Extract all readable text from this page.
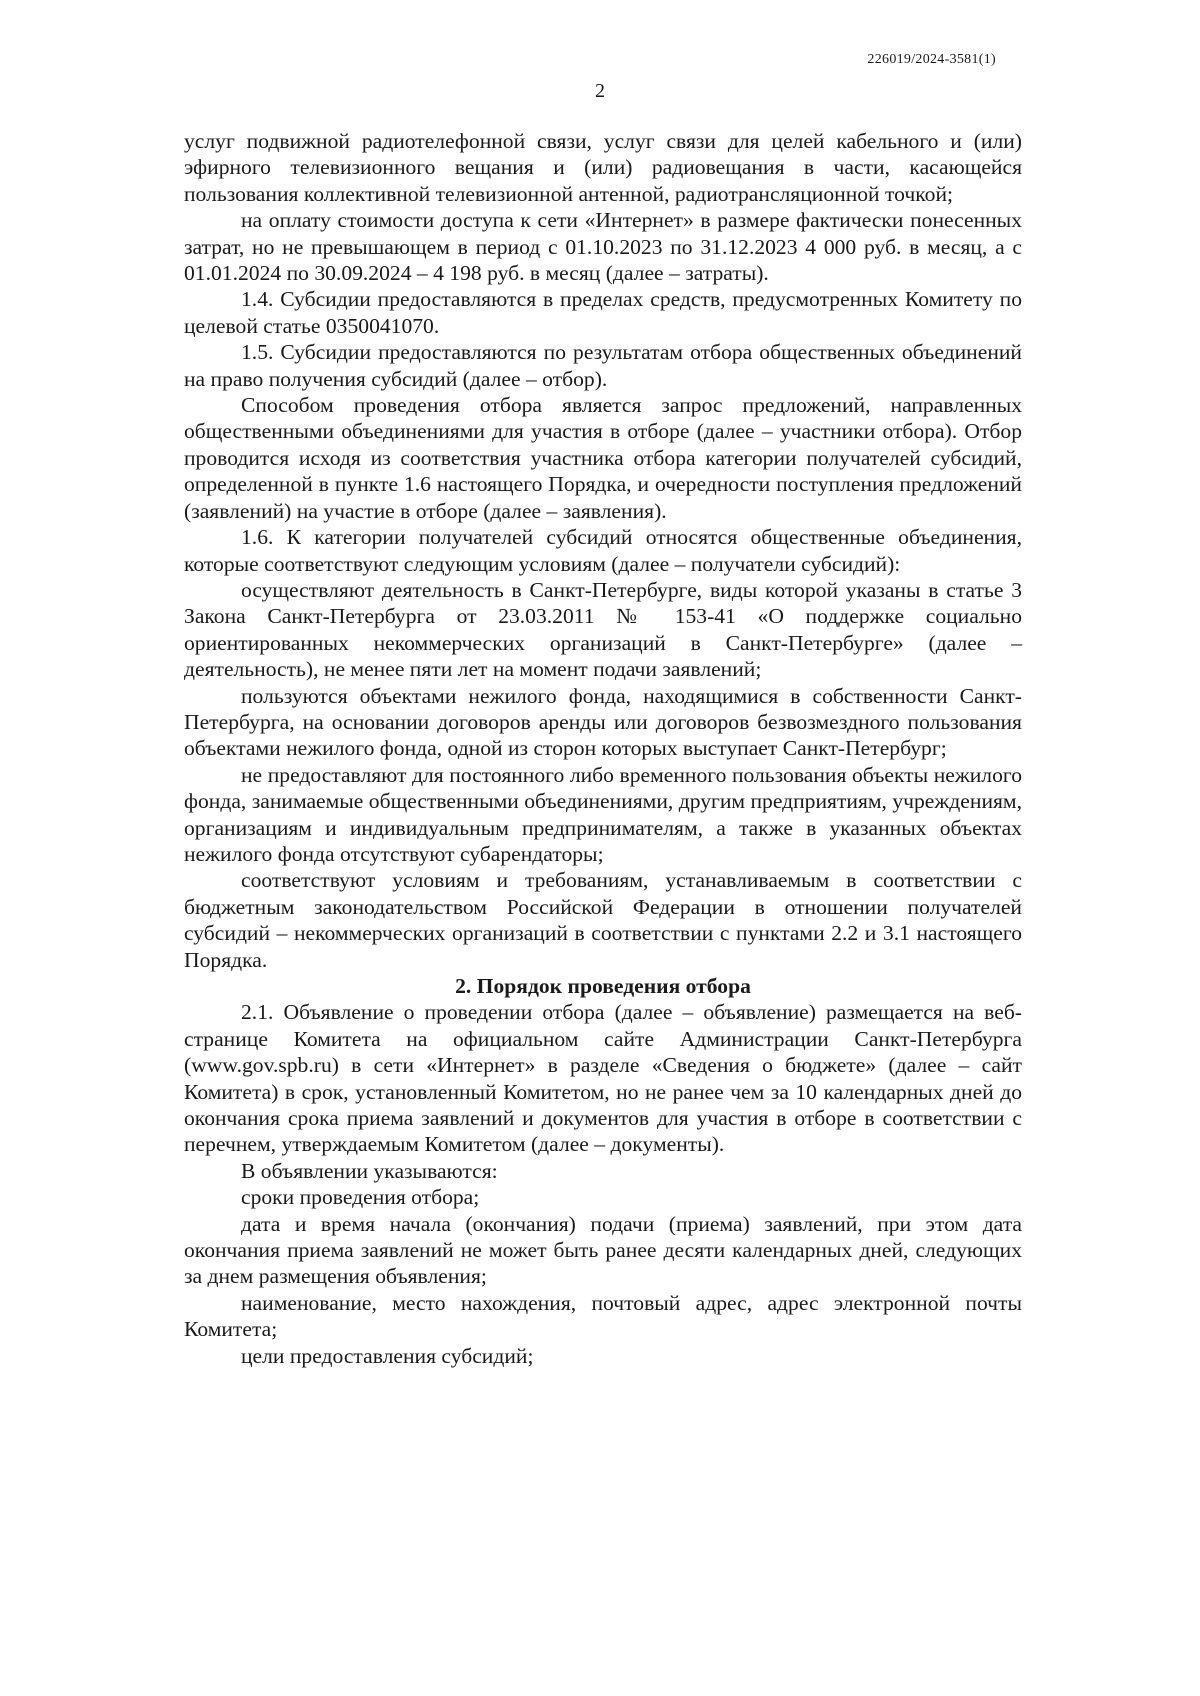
226019/2024-3581(1)
2

услуг подвижной радиотелефонной связи, услуг связи для целей кабельного и (или) эфирного телевизионного вещания и (или) радиовещания в части, касающейся пользования коллективной телевизионной антенной, радиотрансляционной точкой;

на оплату стоимости доступа к сети «Интернет» в размере фактически понесенных затрат, но не превышающем в период с 01.10.2023 по 31.12.2023 4 000 руб. в месяц, а с 01.01.2024 по 30.09.2024 – 4 198 руб. в месяц (далее – затраты).

1.4. Субсидии предоставляются в пределах средств, предусмотренных Комитету по целевой статье 0350041070.

1.5. Субсидии предоставляются по результатам отбора общественных объединений на право получения субсидий (далее – отбор).

Способом проведения отбора является запрос предложений, направленных общественными объединениями для участия в отборе (далее – участники отбора). Отбор проводится исходя из соответствия участника отбора категории получателей субсидий, определенной в пункте 1.6 настоящего Порядка, и очередности поступления предложений (заявлений) на участие в отборе (далее – заявления).

1.6. К категории получателей субсидий относятся общественные объединения, которые соответствуют следующим условиям (далее – получатели субсидий):

осуществляют деятельность в Санкт-Петербурге, виды которой указаны в статье 3 Закона Санкт-Петербурга от 23.03.2011 № 153-41 «О поддержке социально ориентированных некоммерческих организаций в Санкт-Петербурге» (далее – деятельность), не менее пяти лет на момент подачи заявлений;

пользуются объектами нежилого фонда, находящимися в собственности Санкт-Петербурга, на основании договоров аренды или договоров безвозмездного пользования объектами нежилого фонда, одной из сторон которых выступает Санкт-Петербург;

не предоставляют для постоянного либо временного пользования объекты нежилого фонда, занимаемые общественными объединениями, другим предприятиям, учреждениям, организациям и индивидуальным предпринимателям, а также в указанных объектах нежилого фонда отсутствуют субарендаторы;

соответствуют условиям и требованиям, устанавливаемым в соответствии с бюджетным законодательством Российской Федерации в отношении получателей субсидий – некоммерческих организаций в соответствии с пунктами 2.2 и 3.1 настоящего Порядка.

2. Порядок проведения отбора

2.1. Объявление о проведении отбора (далее – объявление) размещается на веб-странице Комитета на официальном сайте Администрации Санкт-Петербурга (www.gov.spb.ru) в сети «Интернет» в разделе «Сведения о бюджете» (далее – сайт Комитета) в срок, установленный Комитетом, но не ранее чем за 10 календарных дней до окончания срока приема заявлений и документов для участия в отборе в соответствии с перечнем, утверждаемым Комитетом (далее – документы).

В объявлении указываются:

сроки проведения отбора;

дата и время начала (окончания) подачи (приема) заявлений, при этом дата окончания приема заявлений не может быть ранее десяти календарных дней, следующих за днем размещения объявления;

наименование, место нахождения, почтовый адрес, адрес электронной почты Комитета;

цели предоставления субсидий;
